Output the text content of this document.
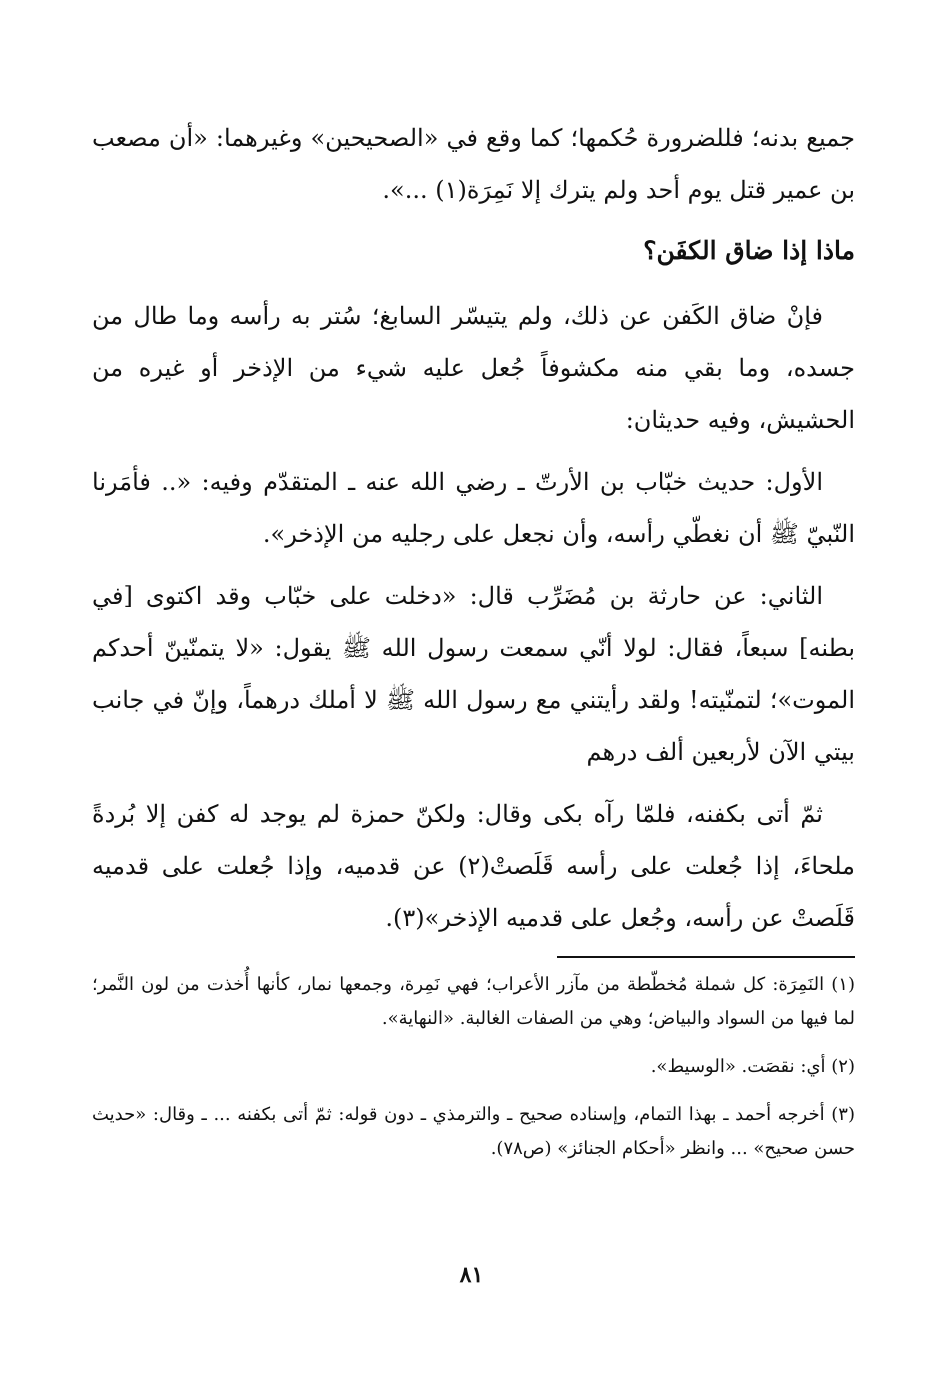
جميع بدنه؛ فللضرورة حُكمها؛ كما وقع في «الصحيحين» وغيرهما: «أن مصعب بن عمير قتل يوم أحد ولم يترك إلا نَمِرَة(١) ...».

ماذا إذا ضاق الكفَن؟

فإنْ ضاق الكَفن عن ذلك، ولم يتيسّر السابغ؛ سُتر به رأسه وما طال من جسده، وما بقي منه مكشوفاً جُعل عليه شيء من الإذخر أو غيره من الحشيش، وفيه حديثان:

الأول: حديث خبّاب بن الأرتّ ـ رضي الله عنه ـ المتقدّم وفيه: «.. فأمَرنا النّبيّ ﷺ أن نغطّي رأسه، وأن نجعل على رجليه من الإذخر».

الثاني: عن حارثة بن مُضَرِّب قال: «دخلت على خبّاب وقد اكتوى [في بطنه] سبعاً، فقال: لولا أنّي سمعت رسول الله ﷺ يقول: «لا يتمنّينّ أحدكم الموت»؛ لتمنّيته! ولقد رأيتني مع رسول الله ﷺ لا أملك درهماً، وإنّ في جانب بيتي الآن لأربعين ألف درهم

ثمّ أتى بكفنه، فلمّا رآه بكى وقال: ولكنّ حمزة لم يوجد له كفن إلا بُردةً ملحاءَ، إذا جُعلت على رأسه قَلَصتْ(٢) عن قدميه، وإذا جُعلت على قدميه قَلَصتْ عن رأسه، وجُعل على قدميه الإذخر»(٣).

(١) النَمِرَة: كل شملة مُخطّطة من مآزر الأعراب؛ فهي نَمِرة، وجمعها نمار، كأنها أُخذت من لون النَّمر؛ لما فيها من السواد والبياض؛ وهي من الصفات الغالبة. «النهاية».

(٢) أي: نقصَت. «الوسيط».

(٣) أخرجه أحمد ـ بهذا التمام، وإسناده صحيح ـ والترمذي ـ دون قوله: ثمّ أتى بكفنه ... ـ وقال: «حديث حسن صحيح» ... وانظر «أحكام الجنائز» (ص٧٨).

٨١
